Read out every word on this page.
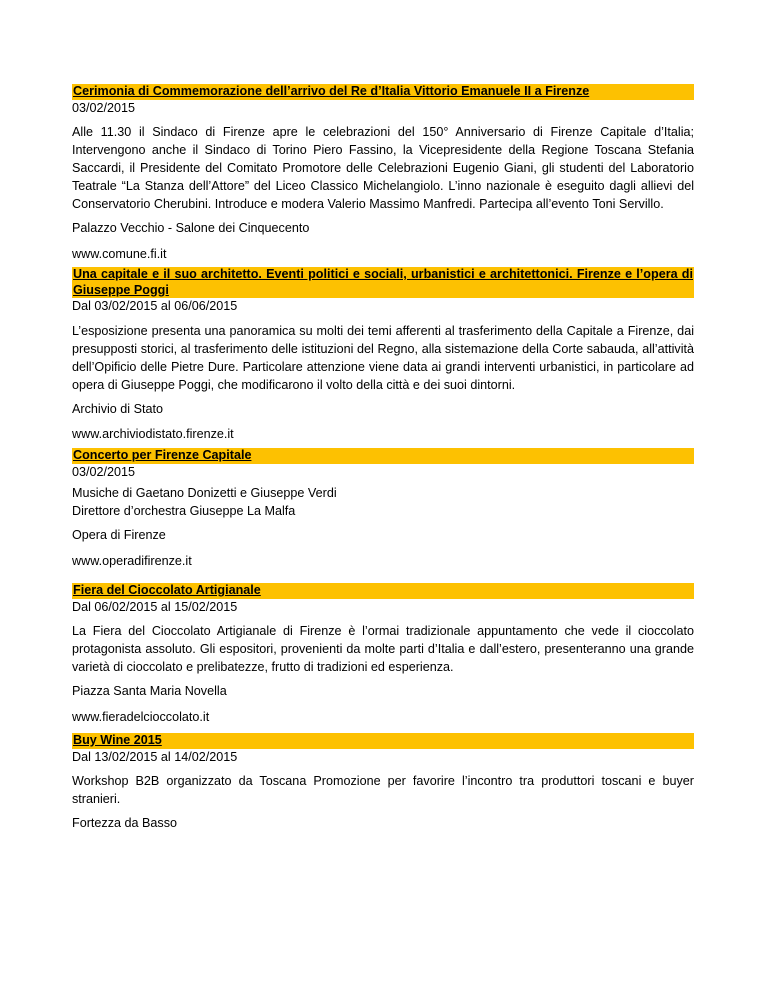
Cerimonia di Commemorazione dell’arrivo del Re d’Italia Vittorio Emanuele II a Firenze
03/02/2015
Alle 11.30 il Sindaco di Firenze apre le celebrazioni del 150° Anniversario di Firenze Capitale d’Italia; Intervengono anche il Sindaco di Torino Piero Fassino, la Vicepresidente della Regione Toscana Stefania Saccardi, il Presidente del Comitato Promotore delle Celebrazioni Eugenio Giani, gli studenti del Laboratorio Teatrale “La Stanza dell’Attore” del Liceo Classico Michelangiolo. L’inno nazionale è eseguito dagli allievi del Conservatorio Cherubini. Introduce e modera Valerio Massimo Manfredi. Partecipa all’evento Toni Servillo.
Palazzo Vecchio - Salone dei Cinquecento
www.comune.fi.it
Una capitale e il suo architetto. Eventi politici e sociali, urbanistici e architettonici. Firenze e l’opera di Giuseppe Poggi
Dal 03/02/2015 al 06/06/2015
L’esposizione presenta una panoramica su molti dei temi afferenti al trasferimento della Capitale a Firenze, dai presupposti storici, al trasferimento delle istituzioni del Regno, alla sistemazione della Corte sabauda, all’attività dell’Opificio delle Pietre Dure. Particolare attenzione viene data ai grandi interventi urbanistici, in particolare ad opera di Giuseppe Poggi, che modificarono il volto della città e dei suoi dintorni.
Archivio di Stato
www.archiviodistato.firenze.it
Concerto per Firenze Capitale
03/02/2015
Musiche di Gaetano Donizetti e Giuseppe Verdi
Direttore d’orchestra Giuseppe La Malfa
Opera di Firenze
www.operadifirenze.it
Fiera del Cioccolato Artigianale
Dal 06/02/2015 al 15/02/2015
La Fiera del Cioccolato Artigianale di Firenze è l’ormai tradizionale appuntamento che vede il cioccolato protagonista assoluto. Gli espositori, provenienti da molte parti d’Italia e dall’estero, presenteranno una grande varietà di cioccolato e prelibatezze, frutto di tradizioni ed esperienza.
Piazza Santa Maria Novella
www.fieradelcioccolato.it
Buy Wine 2015
Dal 13/02/2015 al 14/02/2015
Workshop B2B organizzato da Toscana Promozione per favorire l’incontro tra produttori toscani e buyer stranieri.
Fortezza da Basso
